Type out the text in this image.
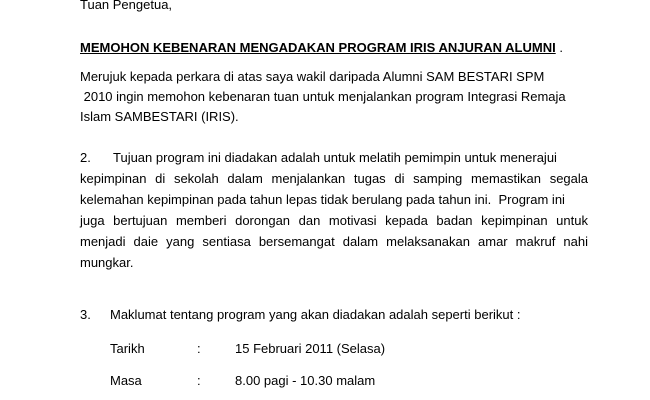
Tuan Pengetua,
MEMOHON KEBENARAN MENGADAKAN PROGRAM IRIS ANJURAN ALUMNI .
Merujuk kepada perkara di atas saya wakil daripada Alumni SAM BESTARI SPM
2010 ingin memohon kebenaran tuan untuk menjalankan program Integrasi Remaja
Islam SAMBESTARI (IRIS).
2. Tujuan program ini diadakan adalah untuk melatih pemimpin untuk menerajui
kepimpinan di sekolah dalam menjalankan tugas di samping memastikan segala
kelemahan kepimpinan pada tahun lepas tidak berulang pada tahun ini.  Program ini
juga bertujuan memberi dorongan dan motivasi kepada badan kepimpinan untuk
menjadi daie yang sentiasa bersemangat dalam melaksanakan amar makruf nahi
mungkar.
3. Maklumat tentang program yang akan diadakan adalah seperti berikut :
Tarikh	:	15 Februari 2011 (Selasa)
Masa	:	8.00 pagi - 10.30 malam
